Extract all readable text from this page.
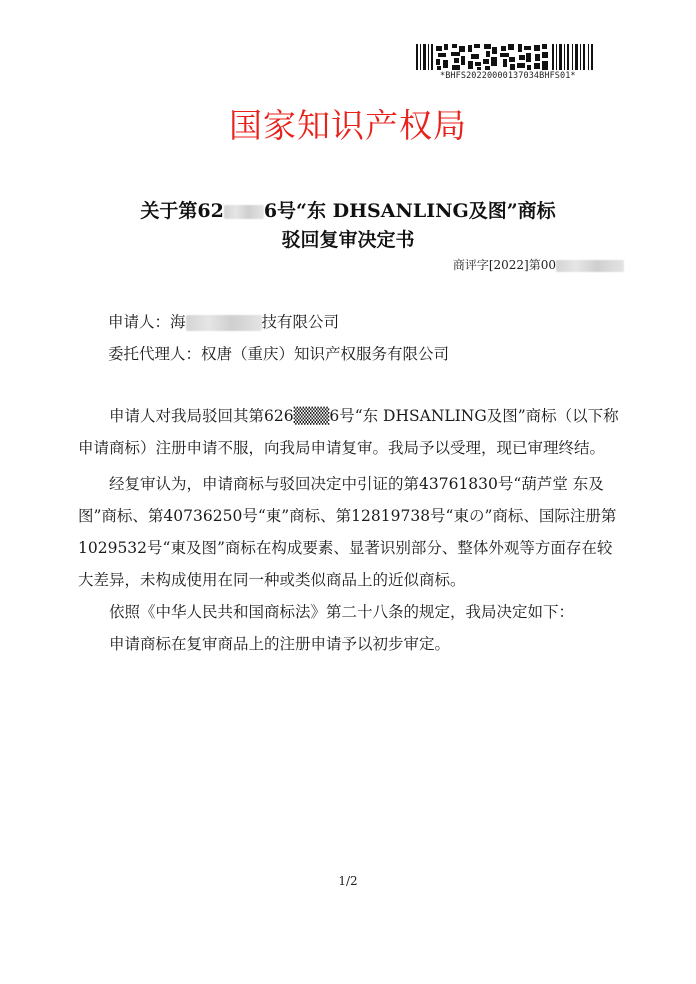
*BHFS20220000137034BHFS01*
国家知识产权局
关于第62 6号“东 DHSANLING及图”商标
驳回复审决定书
商评字[2022]第00
申请人：海	技有限公司
委托代理人：权唐（重庆）知识产权服务有限公司

申请人对我局驳回其第626▒▒▒6号“东 DHSANLING及图”商标（以下称申请商标）注册申请不服，向我局申请复审。我局予以受理，现已审理终结。

经复审认为，申请商标与驳回决定中引证的第43761830号“葫芦堂 东及图”商标、第40736250号“東”商标、第12819738号“東の”商标、国际注册第1029532号“東及图”商标在构成要素、显著识别部分、整体外观等方面存在较大差异，未构成使用在同一种或类似商品上的近似商标。

依照《中华人民共和国商标法》第二十八条的规定，我局决定如下：

申请商标在复审商品上的注册申请予以初步审定。

1/2
